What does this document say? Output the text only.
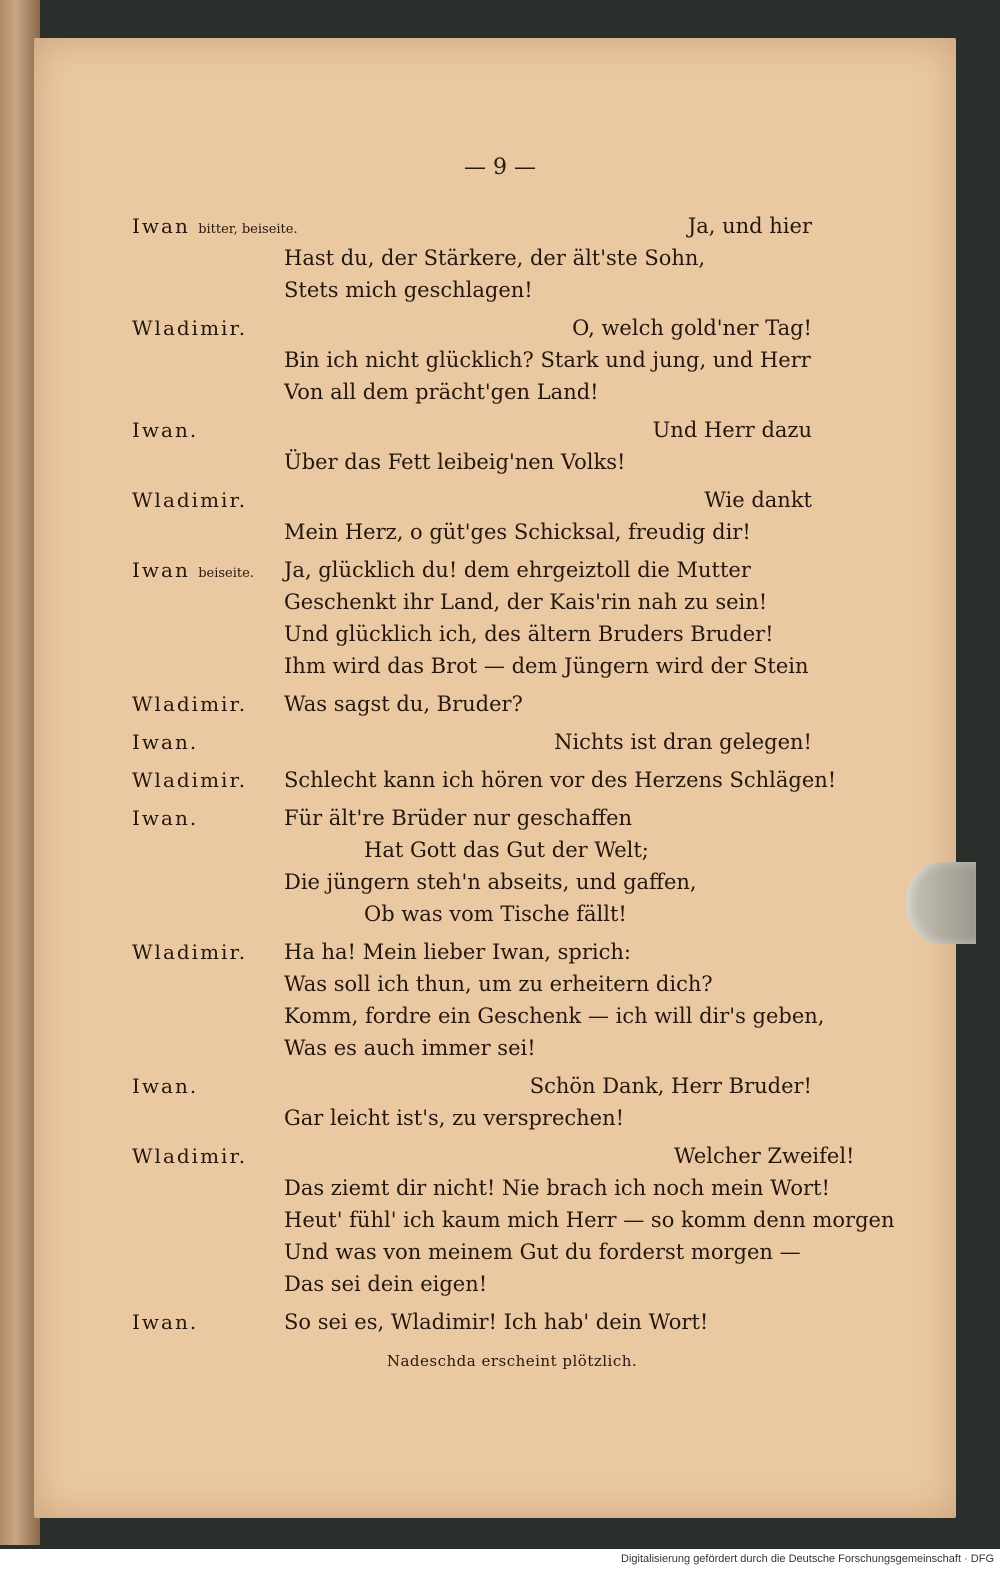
— 9 —
Iwan bitter, beiseite.	Ja, und hier
Hast du, der Stärkere, der ält'ste Sohn,
Stets mich geschlagen!
Wladimir.	O, welch gold'ner Tag!
Bin ich nicht glücklich? Stark und jung, und Herr
Von all dem prächt'gen Land!
Iwan.	Und Herr dazu
Über das Fett leibeig'nen Volks!
Wladimir.	Wie dankt
Mein Herz, o güt'ges Schicksal, freudig dir!
Iwan beiseite.	Ja, glücklich du! dem ehrgeiztoll die Mutter
Geschenkt ihr Land, der Kais'rin nah zu sein!
Und glücklich ich, des ältern Bruders Bruder!
Ihm wird das Brot — dem Jüngern wird der Stein
Wladimir.	Was sagst du, Bruder?
Iwan.	Nichts ist dran gelegen!
Wladimir.	Schlecht kann ich hören vor des Herzens Schlägen!
Iwan.	Für ält're Brüder nur geschaffen
Hat Gott das Gut der Welt;
Die jüngern steh'n abseits, und gaffen,
Ob was vom Tische fällt!
Wladimir.	Ha ha! Mein lieber Iwan, sprich:
Was soll ich thun, um zu erheitern dich?
Komm, fordre ein Geschenk — ich will dir's geben,
Was es auch immer sei!
Iwan.	Schön Dank, Herr Bruder!
Gar leicht ist's, zu versprechen!
Wladimir.	Welcher Zweifel!
Das ziemt dir nicht! Nie brach ich noch mein Wort!
Heut' fühl' ich kaum mich Herr — so komm denn morgen
Und was von meinem Gut du forderst morgen —
Das sei dein eigen!
Iwan.	So sei es, Wladimir! Ich hab' dein Wort!
Nadeschda erscheint plötzlich.
Digitalisierung gefördert durch die Deutsche Forschungsgemeinschaft · DFG
